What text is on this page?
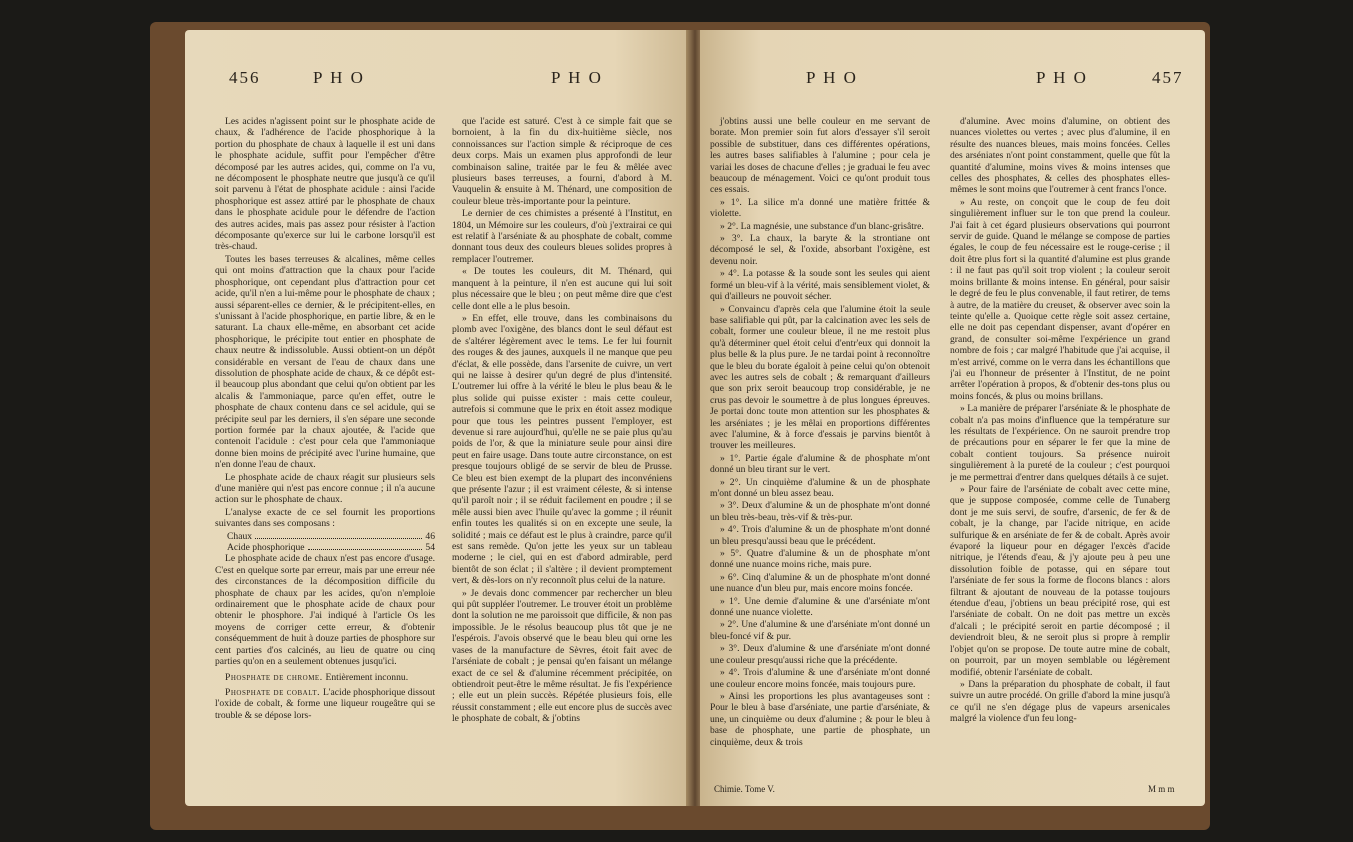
456	P H O	P H O

Les acides n'agissent point sur le phosphate acide de chaux, & l'adhérence de l'acide phosphorique à la portion du phosphate de chaux à laquelle il est uni dans le phosphate acidule, suffit pour l'empêcher d'être décomposé par les autres acides, qui, comme on l'a vu, ne décomposent le phosphate neutre que jusqu'à ce qu'il soit parvenu à l'état de phosphate acidule : ainsi l'acide phosphorique est assez attiré par le phosphate de chaux dans le phosphate acidule pour le défendre de l'action des autres acides, mais pas assez pour résister à l'action décomposante qu'exerce sur lui le carbone lorsqu'il est très-chaud.

Toutes les bases terreuses & alcalines, même celles qui ont moins d'attraction que la chaux pour l'acide phosphorique, ont cependant plus d'attraction pour cet acide, qu'il n'en a lui-même pour le phosphate de chaux ; aussi séparent-elles ce dernier, & le précipitent-elles, en s'unissant à l'acide phosphorique, en partie libre, & en le saturant. La chaux elle-même, en absorbant cet acide phosphorique, le précipite tout entier en phosphate de chaux neutre & indissoluble. Aussi obtient-on un dépôt considérable en versant de l'eau de chaux dans une dissolution de phosphate acide de chaux, & ce dépôt est-il beaucoup plus abondant que celui qu'on obtient par les alcalis & l'ammoniaque, parce qu'en effet, outre le phosphate de chaux contenu dans ce sel acidule, qui se précipite seul par les derniers, il s'en sépare une seconde portion formée par la chaux ajoutée, & l'acide que contenoit l'acidule : c'est pour cela que l'ammoniaque donne bien moins de précipité avec l'urine humaine, que n'en donne l'eau de chaux.

Le phosphate acide de chaux réagit sur plusieurs sels d'une manière qui n'est pas encore connue ; il n'a aucune action sur le phosphate de chaux.

L'analyse exacte de ce sel fournit les proportions suivantes dans ses composans :

Chaux	46
Acide phosphorique	54

Le phosphate acide de chaux n'est pas encore d'usage. C'est en quelque sorte par erreur, mais par une erreur née des circonstances de la décomposition difficile du phosphate de chaux par les acides, qu'on n'emploie ordinairement que le phosphate acide de chaux pour obtenir le phosphore. J'ai indiqué à l'article Os les moyens de corriger cette erreur, & d'obtenir conséquemment de huit à douze parties de phosphore sur cent parties d'os calcinés, au lieu de quatre ou cinq parties qu'on en a seulement obtenues jusqu'ici.

Phosphate de chrome. Entièrement inconnu.

Phosphate de cobalt. L'acide phosphorique dissout l'oxide de cobalt, & forme une liqueur rougeâtre qui se trouble & se dépose lors-

que l'acide est saturé. C'est à ce simple fait que se bornoient, à la fin du dix-huitième siècle, nos connoissances sur l'action simple & réciproque de ces deux corps. Mais un examen plus approfondi de leur combinaison saline, traitée par le feu & mêlée avec plusieurs bases terreuses, a fourni, d'abord à M. Vauquelin & ensuite à M. Thénard, une composition de couleur bleue très-importante pour la peinture.

Le dernier de ces chimistes a présenté à l'Institut, en 1804, un Mémoire sur les couleurs, d'où j'extrairai ce qui est relatif à l'arséniate & au phosphate de cobalt, comme donnant tous deux des couleurs bleues solides propres à remplacer l'outremer.

« De toutes les couleurs, dit M. Thénard, qui manquent à la peinture, il n'en est aucune qui lui soit plus nécessaire que le bleu ; on peut même dire que c'est celle dont elle a le plus besoin.

» En effet, elle trouve, dans les combinaisons du plomb avec l'oxigène, des blancs dont le seul défaut est de s'altérer légèrement avec le tems. Le fer lui fournit des rouges & des jaunes, auxquels il ne manque que peu d'éclat, & elle possède, dans l'arsenite de cuivre, un vert qui ne laisse à desirer qu'un degré de plus d'intensité. L'outremer lui offre à la vérité le bleu le plus beau & le plus solide qui puisse exister : mais cette couleur, autrefois si commune que le prix en étoit assez modique pour que tous les peintres pussent l'employer, est devenue si rare aujourd'hui, qu'elle ne se paie plus qu'au poids de l'or, & que la miniature seule pour ainsi dire peut en faire usage. Dans toute autre circonstance, on est presque toujours obligé de se servir de bleu de Prusse. Ce bleu est bien exempt de la plupart des inconvéniens que présente l'azur ; il est vraiment céleste, & si intense qu'il paroît noir ; il se réduit facilement en poudre ; il se mêle aussi bien avec l'huile qu'avec la gomme ; il réunit enfin toutes les qualités si on en excepte une seule, la solidité ; mais ce défaut est le plus à craindre, parce qu'il est sans remède. Qu'on jette les yeux sur un tableau moderne ; le ciel, qui en est d'abord admirable, perd bientôt de son éclat ; il s'altère ; il devient promptement vert, & dès-lors on n'y reconnoît plus celui de la nature.

» Je devais donc commencer par rechercher un bleu qui pût suppléer l'outremer. Le trouver étoit un problème dont la solution ne me paroissoit que difficile, & non pas impossible. Je le résolus beaucoup plus tôt que je ne l'espérois. J'avois observé que le beau bleu qui orne les vases de la manufacture de Sèvres, étoit fait avec de l'arséniate de cobalt ; je pensai qu'en faisant un mélange exact de ce sel & d'alumine récemment précipitée, on obtiendroit peut-être le même résultat. Je fis l'expérience ; elle eut un plein succès. Répétée plusieurs fois, elle réussit constamment ; elle eut encore plus de succès avec le phosphate de cobalt, & j'obtins

P H O	P H O	457

j'obtins aussi une belle couleur en me servant de borate. Mon premier soin fut alors d'essayer s'il seroit possible de substituer, dans ces différentes opérations, les autres bases salifiables à l'alumine ; pour cela je variai les doses de chacune d'elles ; je graduai le feu avec beaucoup de ménagement. Voici ce qu'ont produit tous ces essais.

» 1°. La silice m'a donné une matière frittée & violette.

» 2°. La magnésie, une substance d'un blanc-grisâtre.

» 3°. La chaux, la baryte & la strontiane ont décomposé le sel, & l'oxide, absorbant l'oxigène, est devenu noir.

» 4°. La potasse & la soude sont les seules qui aient formé un bleu-vif à la vérité, mais sensiblement violet, & qui d'ailleurs ne pouvoit sécher.

» Convaincu d'après cela que l'alumine étoit la seule base salifiable qui pût, par la calcination avec les sels de cobalt, former une couleur bleue, il ne me restoit plus qu'à déterminer quel étoit celui d'entr'eux qui donnoit la plus belle & la plus pure. Je ne tardai point à reconnoître que le bleu du borate égaloit à peine celui qu'on obtenoit avec les autres sels de cobalt ; & remarquant d'ailleurs que son prix seroit beaucoup trop considérable, je ne crus pas devoir le soumettre à de plus longues épreuves. Je portai donc toute mon attention sur les phosphates & les arséniates ; je les mêlai en proportions différentes avec l'alumine, & à force d'essais je parvins bientôt à trouver les meilleures.

» 1°. Partie égale d'alumine & de phosphate m'ont donné un bleu tirant sur le vert.

» 2°. Un cinquième d'alumine & un de phosphate m'ont donné un bleu assez beau.

» 3°. Deux d'alumine & un de phosphate m'ont donné un bleu très-beau, très-vif & très-pur.

» 4°. Trois d'alumine & un de phosphate m'ont donné un bleu presqu'aussi beau que le précédent.

» 5°. Quatre d'alumine & un de phosphate m'ont donné une nuance moins riche, mais pure.

» 6°. Cinq d'alumine & un de phosphate m'ont donné une nuance d'un bleu pur, mais encore moins foncée.

» 1°. Une demie d'alumine & une d'arséniate m'ont donné une nuance violette.

» 2°. Une d'alumine & une d'arséniate m'ont donné un bleu-foncé vif & pur.

» 3°. Deux d'alumine & une d'arséniate m'ont donné une couleur presqu'aussi riche que la précédente.

» 4°. Trois d'alumine & une d'arséniate m'ont donné une couleur encore moins foncée, mais toujours pure.

» Ainsi les proportions les plus avantageuses sont : Pour le bleu à base d'arséniate, une partie d'arséniate, & une, un cinquième ou deux d'alumine ; & pour le bleu à base de phosphate, une partie de phosphate, un cinquième, deux & trois

d'alumine. Avec moins d'alumine, on obtient des nuances violettes ou vertes ; avec plus d'alumine, il en résulte des nuances bleues, mais moins foncées. Celles des arséniates n'ont point constamment, quelle que fût la quantité d'alumine, moins vives & moins intenses que celles des phosphates, & celles des phosphates elles-mêmes le sont moins que l'outremer à cent francs l'once.

» Au reste, on conçoit que le coup de feu doit singulièrement influer sur le ton que prend la couleur. J'ai fait à cet égard plusieurs observations qui pourront servir de guide. Quand le mélange se compose de parties égales, le coup de feu nécessaire est le rouge-cerise ; il doit être plus fort si la quantité d'alumine est plus grande : il ne faut pas qu'il soit trop violent ; la couleur seroit moins brillante & moins intense. En général, pour saisir le degré de feu le plus convenable, il faut retirer, de tems à autre, de la matière du creuset, & observer avec soin la teinte qu'elle a. Quoique cette règle soit assez certaine, elle ne doit pas cependant dispenser, avant d'opérer en grand, de consulter soi-même l'expérience un grand nombre de fois ; car malgré l'habitude que j'ai acquise, il m'est arrivé, comme on le verra dans les échantillons que j'ai eu l'honneur de présenter à l'Institut, de ne point arrêter l'opération à propos, & d'obtenir des-tons plus ou moins foncés, & plus ou moins brillans.

» La manière de préparer l'arséniate & le phosphate de cobalt n'a pas moins d'influence que la température sur les résultats de l'expérience. On ne sauroit prendre trop de précautions pour en séparer le fer que la mine de cobalt contient toujours. Sa présence nuiroit singulièrement à la pureté de la couleur ; c'est pourquoi je me permettrai d'entrer dans quelques détails à ce sujet.

» Pour faire de l'arséniate de cobalt avec cette mine, que je suppose composée, comme celle de Tunaberg dont je me suis servi, de soufre, d'arsenic, de fer & de cobalt, je la change, par l'acide nitrique, en acide sulfurique & en arséniate de fer & de cobalt. Après avoir évaporé la liqueur pour en dégager l'excès d'acide nitrique, je l'étends d'eau, & j'y ajoute peu à peu une dissolution foible de potasse, qui en sépare tout l'arséniate de fer sous la forme de flocons blancs : alors filtrant & ajoutant de nouveau de la potasse toujours étendue d'eau, j'obtiens un beau précipité rose, qui est l'arséniate de cobalt. On ne doit pas mettre un excès d'alcali ; le précipité seroit en partie décomposé ; il deviendroit bleu, & ne seroit plus si propre à remplir l'objet qu'on se propose. De toute autre mine de cobalt, on pourroit, par un moyen semblable ou légèrement modifié, obtenir l'arséniate de cobalt.

» Dans la préparation du phosphate de cobalt, il faut suivre un autre procédé. On grille d'abord la mine jusqu'à ce qu'il ne s'en dégage plus de vapeurs arsenicales malgré la violence d'un feu long-

Chimie. Tome V.	M m m
